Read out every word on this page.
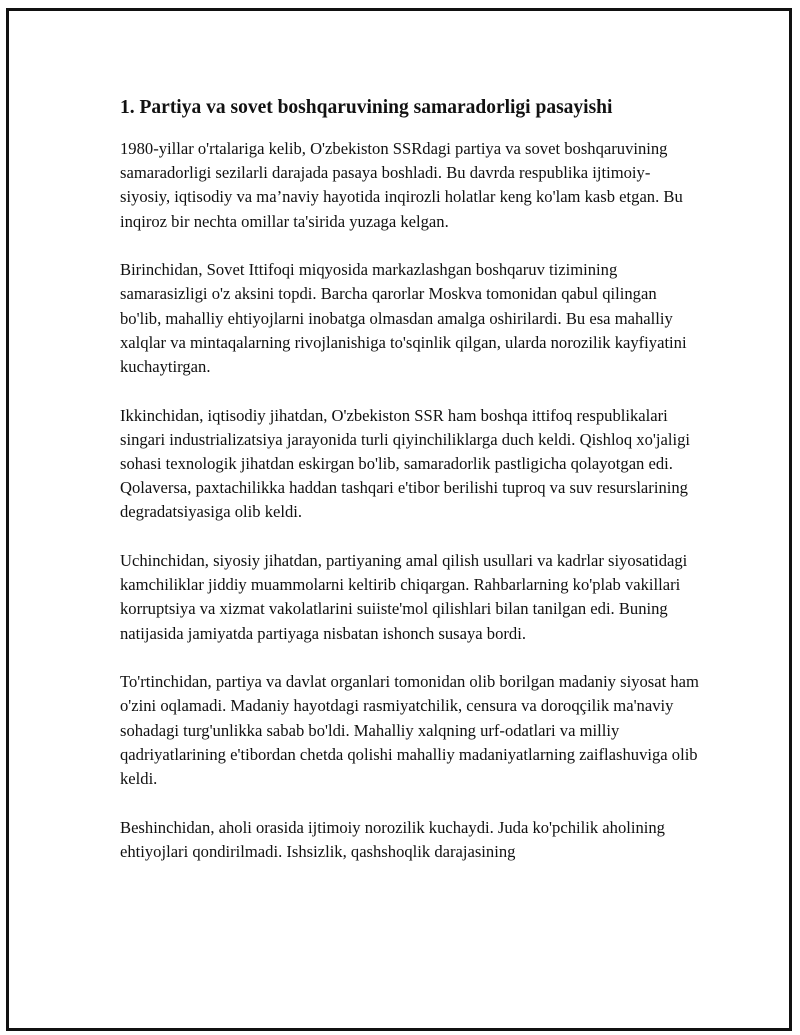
1. Partiya va sovet boshqaruvining samaradorligi pasayishi

1980-yillar o'rtalariga kelib, O'zbekiston SSRdagi partiya va sovet boshqaruvining samaradorligi sezilarli darajada pasaya boshladi. Bu davrda respublika ijtimoiy-siyosiy, iqtisodiy va ma’naviy hayotida inqirozli holatlar keng ko'lam kasb etgan. Bu inqiroz bir nechta omillar ta'sirida yuzaga kelgan.

Birinchidan, Sovet Ittifoqi miqyosida markazlashgan boshqaruv tizimining samarasizligi o'z aksini topdi. Barcha qarorlar Moskva tomonidan qabul qilingan bo'lib, mahalliy ehtiyojlarni inobatga olmasdan amalga oshirilardi. Bu esa mahalliy xalqlar va mintaqalarning rivojlanishiga to'sqinlik qilgan, ularda norozilik kayfiyatini kuchaytirgan.

Ikkinchidan, iqtisodiy jihatdan, O'zbekiston SSR ham boshqa ittifoq respublikalari singari industrializatsiya jarayonida turli qiyinchiliklarga duch keldi. Qishloq xo'jaligi sohasi texnologik jihatdan eskirgan bo'lib, samaradorlik pastligicha qolayotgan edi. Qolaversa, paxtachilikka haddan tashqari e'tibor berilishi tuproq va suv resurslarining degradatsiyasiga olib keldi.

Uchinchidan, siyosiy jihatdan, partiyaning amal qilish usullari va kadrlar siyosatidagi kamchiliklar jiddiy muammolarni keltirib chiqargan. Rahbarlarning ko'plab vakillari korruptsiya va xizmat vakolatlarini suiiste'mol qilishlari bilan tanilgan edi. Buning natijasida jamiyatda partiyaga nisbatan ishonch susaya bordi.

To'rtinchidan, partiya va davlat organlari tomonidan olib borilgan madaniy siyosat ham o'zini oqlamadi. Madaniy hayotdagi rasmiyatchilik, censura va doroqçilik ma'naviy sohadagi turg'unlikka sabab bo'ldi. Mahalliy xalqning urf-odatlari va milliy qadriyatlarining e'tibordan chetda qolishi mahalliy madaniyatlarning zaiflashuviga olib keldi.

Beshinchidan, aholi orasida ijtimoiy norozilik kuchaydi. Juda ko'pchilik aholining ehtiyojlari qondirilmadi. Ishsizlik, qashshoqlik darajasining
